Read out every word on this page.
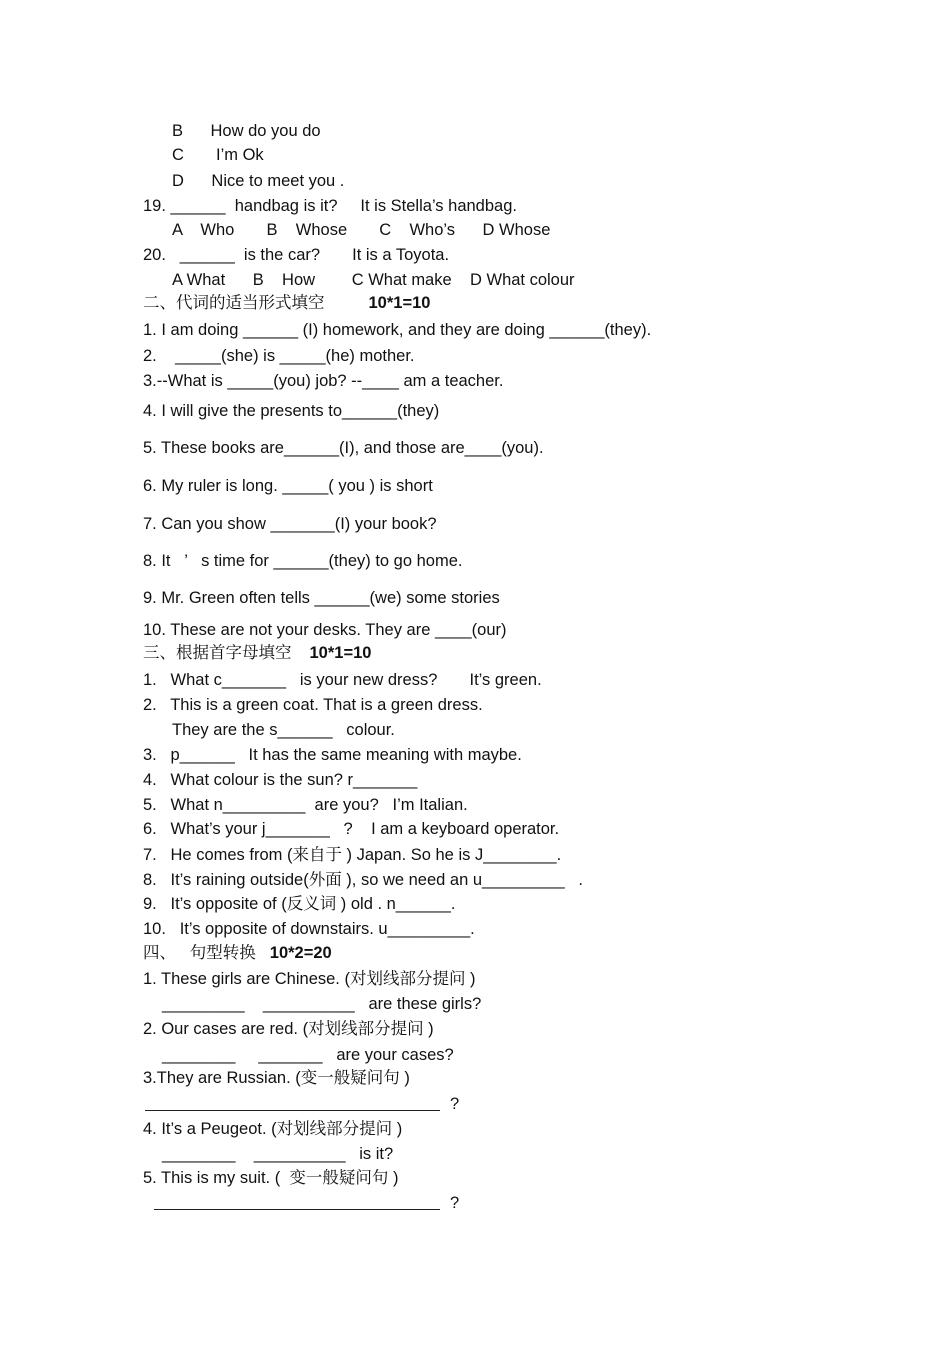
B      How do you do
C       I’m Ok
D      Nice to meet you .
19. ______  handbag is it?     It is Stella’s handbag.
A    Who       B    Whose       C    Who’s      D Whose
20.   ______  is the car?       It is a Toyota.
A What      B    How        C What make    D What colour
二、代词的适当形式填空	10*1=10
1. I am doing ______ (I) homework, and they are doing ______(they).
2.    _____(she) is _____(he) mother.
3.--What is _____(you) job? --____ am a teacher.
4. I will give the presents to______(they)
5. These books are______(I), and those are____(you).
6. My ruler is long. _____( you ) is short
7. Can you show _______(I) your book?
8. It   ’   s time for ______(they) to go home.
9. Mr. Green often tells ______(we) some stories
10. These are not your desks. They are ____(our)
三、根据首字母填空 10*1=10
1.   What c_______   is your new dress?       It’s green.
2.   This is a green coat. That is a green dress.
They are the s______   colour.
3.   p______   It has the same meaning with maybe.
4.   What colour is the sun? r_______
5.   What n_________  are you?   I’m Italian.
6.   What’s your j_______   ?    I am a keyboard operator.
7.   He comes from (来自于 ) Japan. So he is J________.
8.   It’s raining outside(外面 ), so we need an u_________   .
9.   It’s opposite of (反义词 ) old . n______.
10.   It’s opposite of downstairs. u_________.
四、   句型转换 10*2=20
1. These girls are Chinese. (对划线部分提问 )
_________    __________   are these girls?
2. Our cases are red. (对划线部分提问 )
________     _______   are your cases?
3.They are Russian. (变一般疑问句 )
?
4. It’s a Peugeot. (对划线部分提问 )
________    __________   is it?
5. This is my suit. (  变一般疑问句 )
?
